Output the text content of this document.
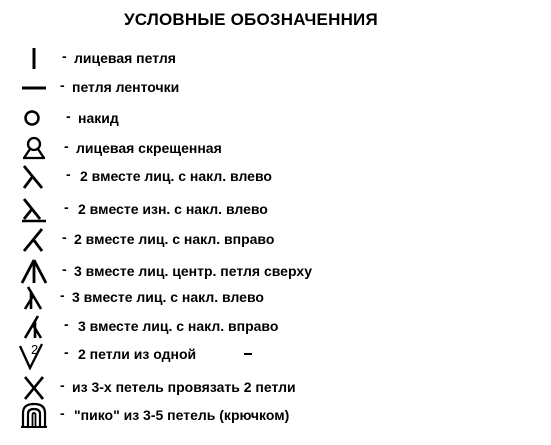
УСЛОВНЫЕ ОБОЗНАЧЕННИЯ
- лицевая петля
- петля ленточки
- накид
- лицевая скрещенная
- 2 вместе лиц. с накл. влево
- 2 вместе изн. с накл. влево
- 2 вместе лиц. с накл. вправо
- 3 вместе лиц. центр. петля сверху
- 3 вместе лиц. с накл. влево
- 3 вместе лиц. с накл. вправо
2 - 2 петли из одной
- из 3-х петель провязать 2 петли
- "пико" из 3-5 петель (крючком)
